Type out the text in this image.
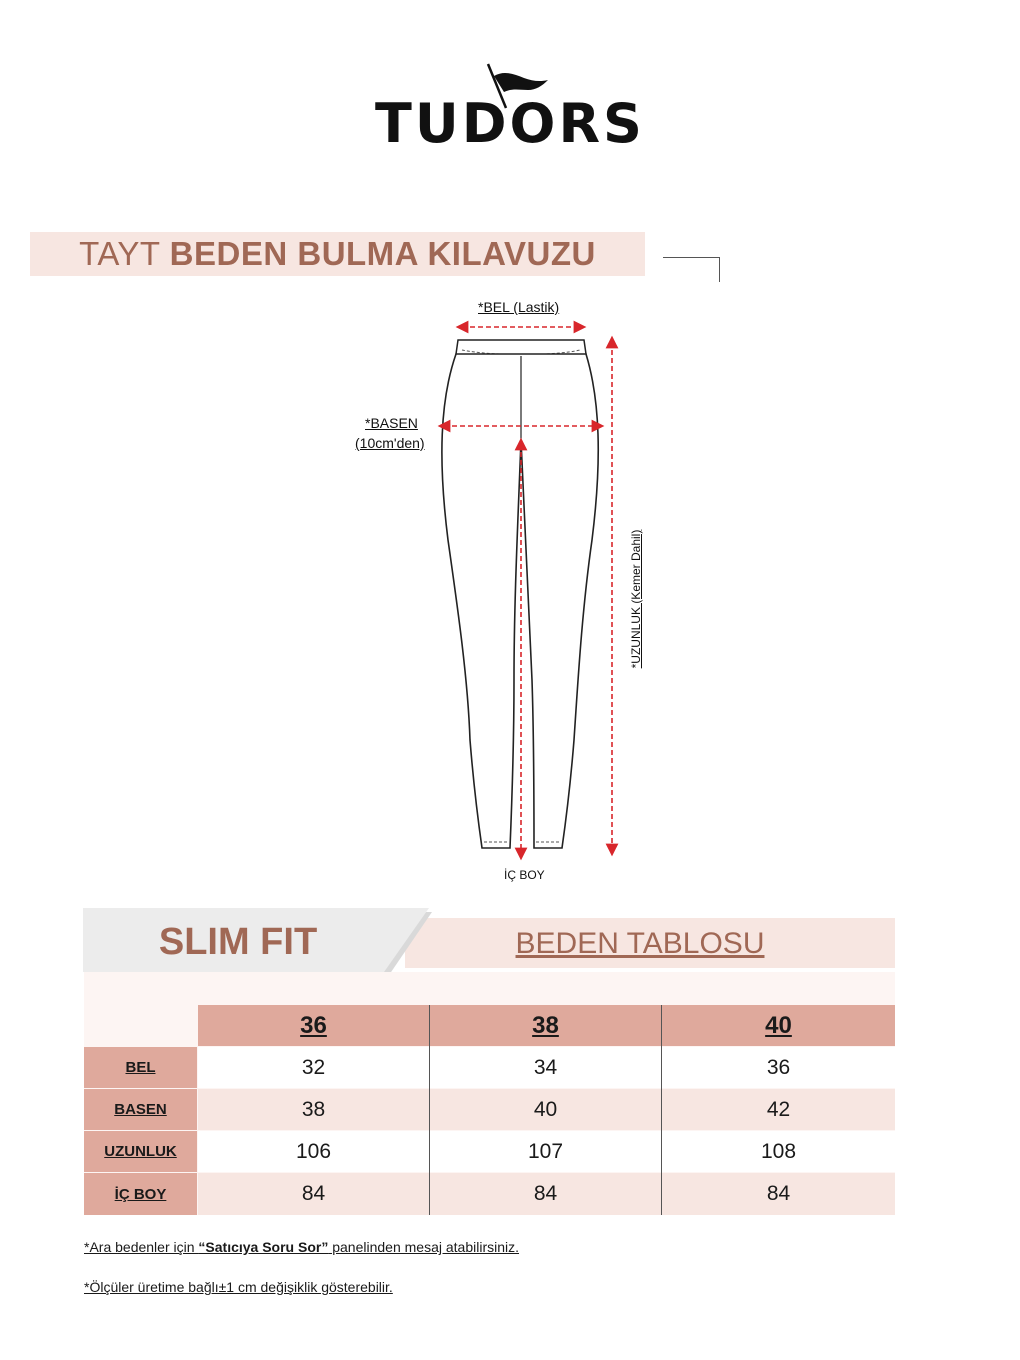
TUDORS
TAYT BEDEN BULMA KILAVUZU
*BEL (Lastik)
*BASEN
(10cm'den)
İÇ BOY
*UZUNLUK (Kemer Dahil)
BEDEN TABLOSU
SLIM FIT
36	38	40
BEL	32	34	36
BASEN	38	40	42
UZUNLUK	106	107	108
İÇ BOY	84	84	84
*Ara bedenler için “Satıcıya Soru Sor” panelinden mesaj atabilirsiniz.
*Ölçüler üretime bağlı±1 cm değişiklik gösterebilir.
